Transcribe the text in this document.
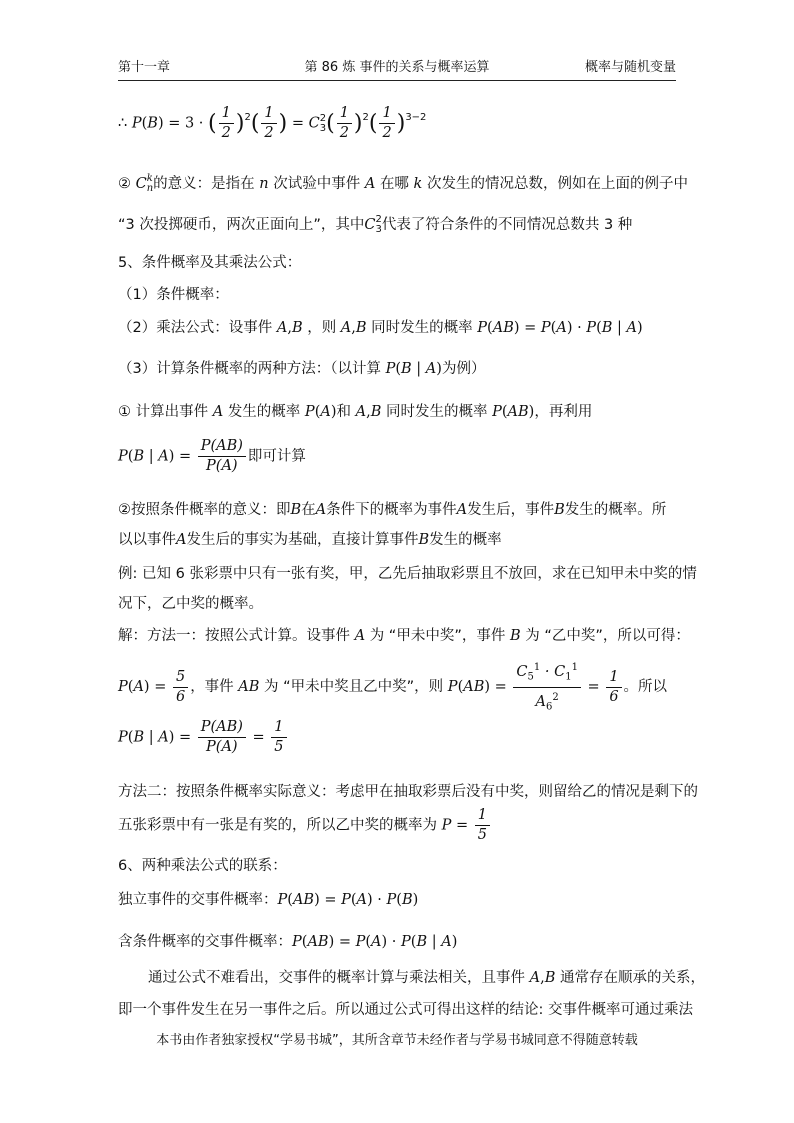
第十一章	第 86 炼 事件的关系与概率运算	概率与随机变量
∴ P(B) = 3 · ( $\frac{1}{2} )^2( \frac{1}{2}$ ) = C 2
3 ( $\frac{1}{2} )^2( \frac{1}{2} )^{3-2}$
② C k
n 的意义：是指在 n 次试验中事件 A 在哪 k 次发生的情况总数，例如在上面的例子中
“3 次投掷硬币，两次正面向上”，其中C 2
3 代表了符合条件的不同情况总数共 3 种
5、条件概率及其乘法公式：
（1）条件概率：
（2）乘法公式：设事件 A,B ，则 A,B 同时发生的概率 P(AB) = P(A) · P(B | A)
（3）计算条件概率的两种方法：（以计算 P(B | A)为例）
① 计算出事件 A 发生的概率 P(A)和 A,B 同时发生的概率 P(AB)，再利用
P(B | $A) = \frac{P(AB)}{P(A)}$ 即可计算
②按照条件概率的意义：即B在A条件下的概率为事件A发生后，事件B发生的概率。所
以以事件A发生后的事实为基础，直接计算事件B发生的概率
例: 已知 6 张彩票中只有一张有奖，甲，乙先后抽取彩票且不放回，求在已知甲未中奖的情
况下，乙中奖的概率。
解：方法一：按照公式计算。设事件 A 为 “甲未中奖”，事件 B 为 “乙中奖”，所以可得：
$P(A) = \frac{5}{6}$ ，事件 AB 为 “甲未中奖且乙中奖”，则 $P(AB) = \frac{C_5^1 \cdot C_1^1}{A_6^2} = \frac{1}{6}$ 。所以
P(B | $A) = \frac{P(AB)}{P(A)} = \frac{1}{5}$
方法二：按照条件概率实际意义：考虑甲在抽取彩票后没有中奖，则留给乙的情况是剩下的
五张彩票中有一张是有奖的，所以乙中奖的概率为 $P = \frac{1}{5}$
6、两种乘法公式的联系：
独立事件的交事件概率：P(AB) = P(A) · P(B)
含条件概率的交事件概率：P(AB) = P(A) · P(B | A)
通过公式不难看出，交事件的概率计算与乘法相关，且事件 A,B 通常存在顺承的关系，
即一个事件发生在另一事件之后。所以通过公式可得出这样的结论: 交事件概率可通过乘法
本书由作者独家授权“学易书城”，其所含章节未经作者与学易书城同意不得随意转载
